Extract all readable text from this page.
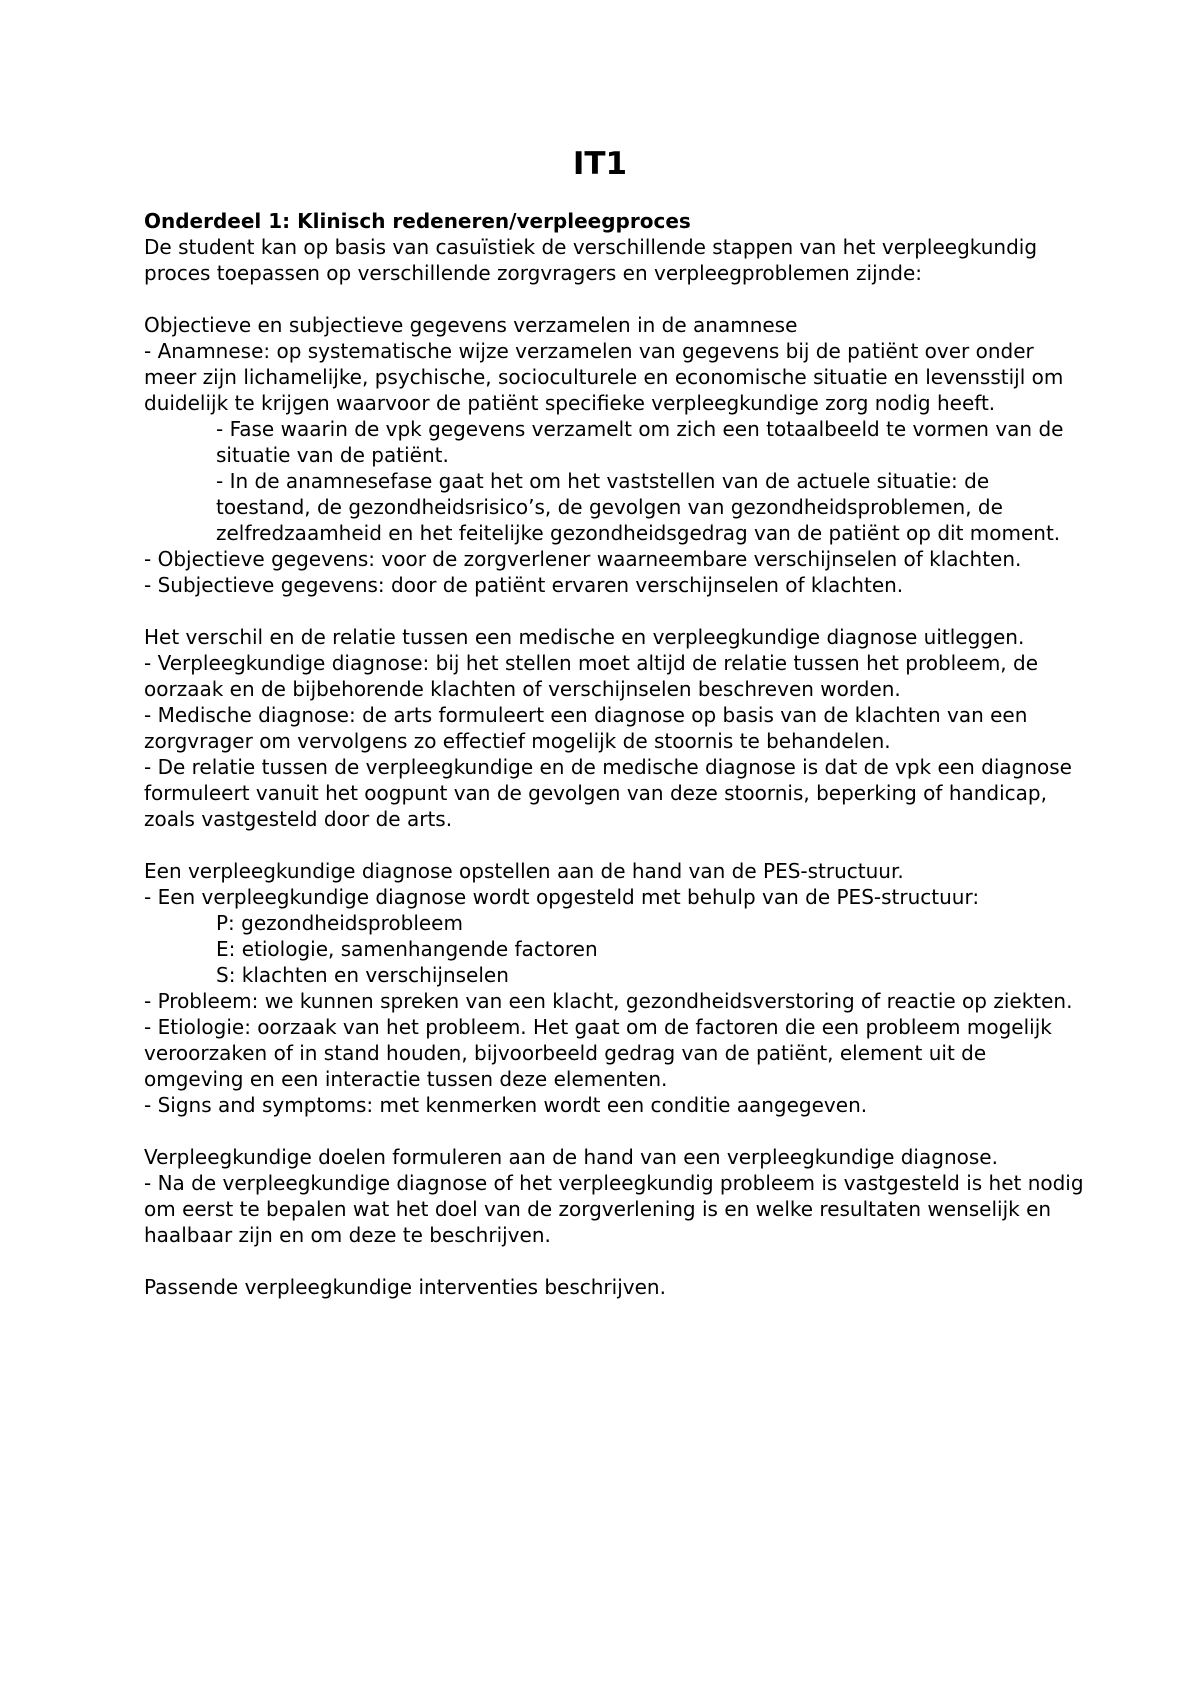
IT1

Onderdeel 1: Klinisch redeneren/verpleegproces

De student kan op basis van casuïstiek de verschillende stappen van het verpleegkundig proces toepassen op verschillende zorgvragers en verpleegproblemen zijnde:

Objectieve en subjectieve gegevens verzamelen in de anamnese

- Anamnese: op systematische wijze verzamelen van gegevens bij de patiënt over onder meer zijn lichamelijke, psychische, socioculturele en economische situatie en levensstijl om duidelijk te krijgen waarvoor de patiënt specifieke verpleegkundige zorg nodig heeft.

- Fase waarin de vpk gegevens verzamelt om zich een totaalbeeld te vormen van de situatie van de patiënt.

- In de anamnesefase gaat het om het vaststellen van de actuele situatie: de toestand, de gezondheidsrisico’s, de gevolgen van gezondheidsproblemen, de zelfredzaamheid en het feitelijke gezondheidsgedrag van de patiënt op dit moment.

- Objectieve gegevens: voor de zorgverlener waarneembare verschijnselen of klachten.

- Subjectieve gegevens: door de patiënt ervaren verschijnselen of klachten.

Het verschil en de relatie tussen een medische en verpleegkundige diagnose uitleggen.

- Verpleegkundige diagnose: bij het stellen moet altijd de relatie tussen het probleem, de oorzaak en de bijbehorende klachten of verschijnselen beschreven worden.

- Medische diagnose: de arts formuleert een diagnose op basis van de klachten van een zorgvrager om vervolgens zo effectief mogelijk de stoornis te behandelen.

- De relatie tussen de verpleegkundige en de medische diagnose is dat de vpk een diagnose formuleert vanuit het oogpunt van de gevolgen van deze stoornis, beperking of handicap, zoals vastgesteld door de arts.

Een verpleegkundige diagnose opstellen aan de hand van de PES-structuur.

- Een verpleegkundige diagnose wordt opgesteld met behulp van de PES-structuur:

P: gezondheidsprobleem

E: etiologie, samenhangende factoren

S: klachten en verschijnselen

- Probleem: we kunnen spreken van een klacht, gezondheidsverstoring of reactie op ziekten.

- Etiologie: oorzaak van het probleem. Het gaat om de factoren die een probleem mogelijk veroorzaken of in stand houden, bijvoorbeeld gedrag van de patiënt, element uit de omgeving en een interactie tussen deze elementen.

- Signs and symptoms: met kenmerken wordt een conditie aangegeven.

Verpleegkundige doelen formuleren aan de hand van een verpleegkundige diagnose.

- Na de verpleegkundige diagnose of het verpleegkundig probleem is vastgesteld is het nodig om eerst te bepalen wat het doel van de zorgverlening is en welke resultaten wenselijk en haalbaar zijn en om deze te beschrijven.

Passende verpleegkundige interventies beschrijven.
